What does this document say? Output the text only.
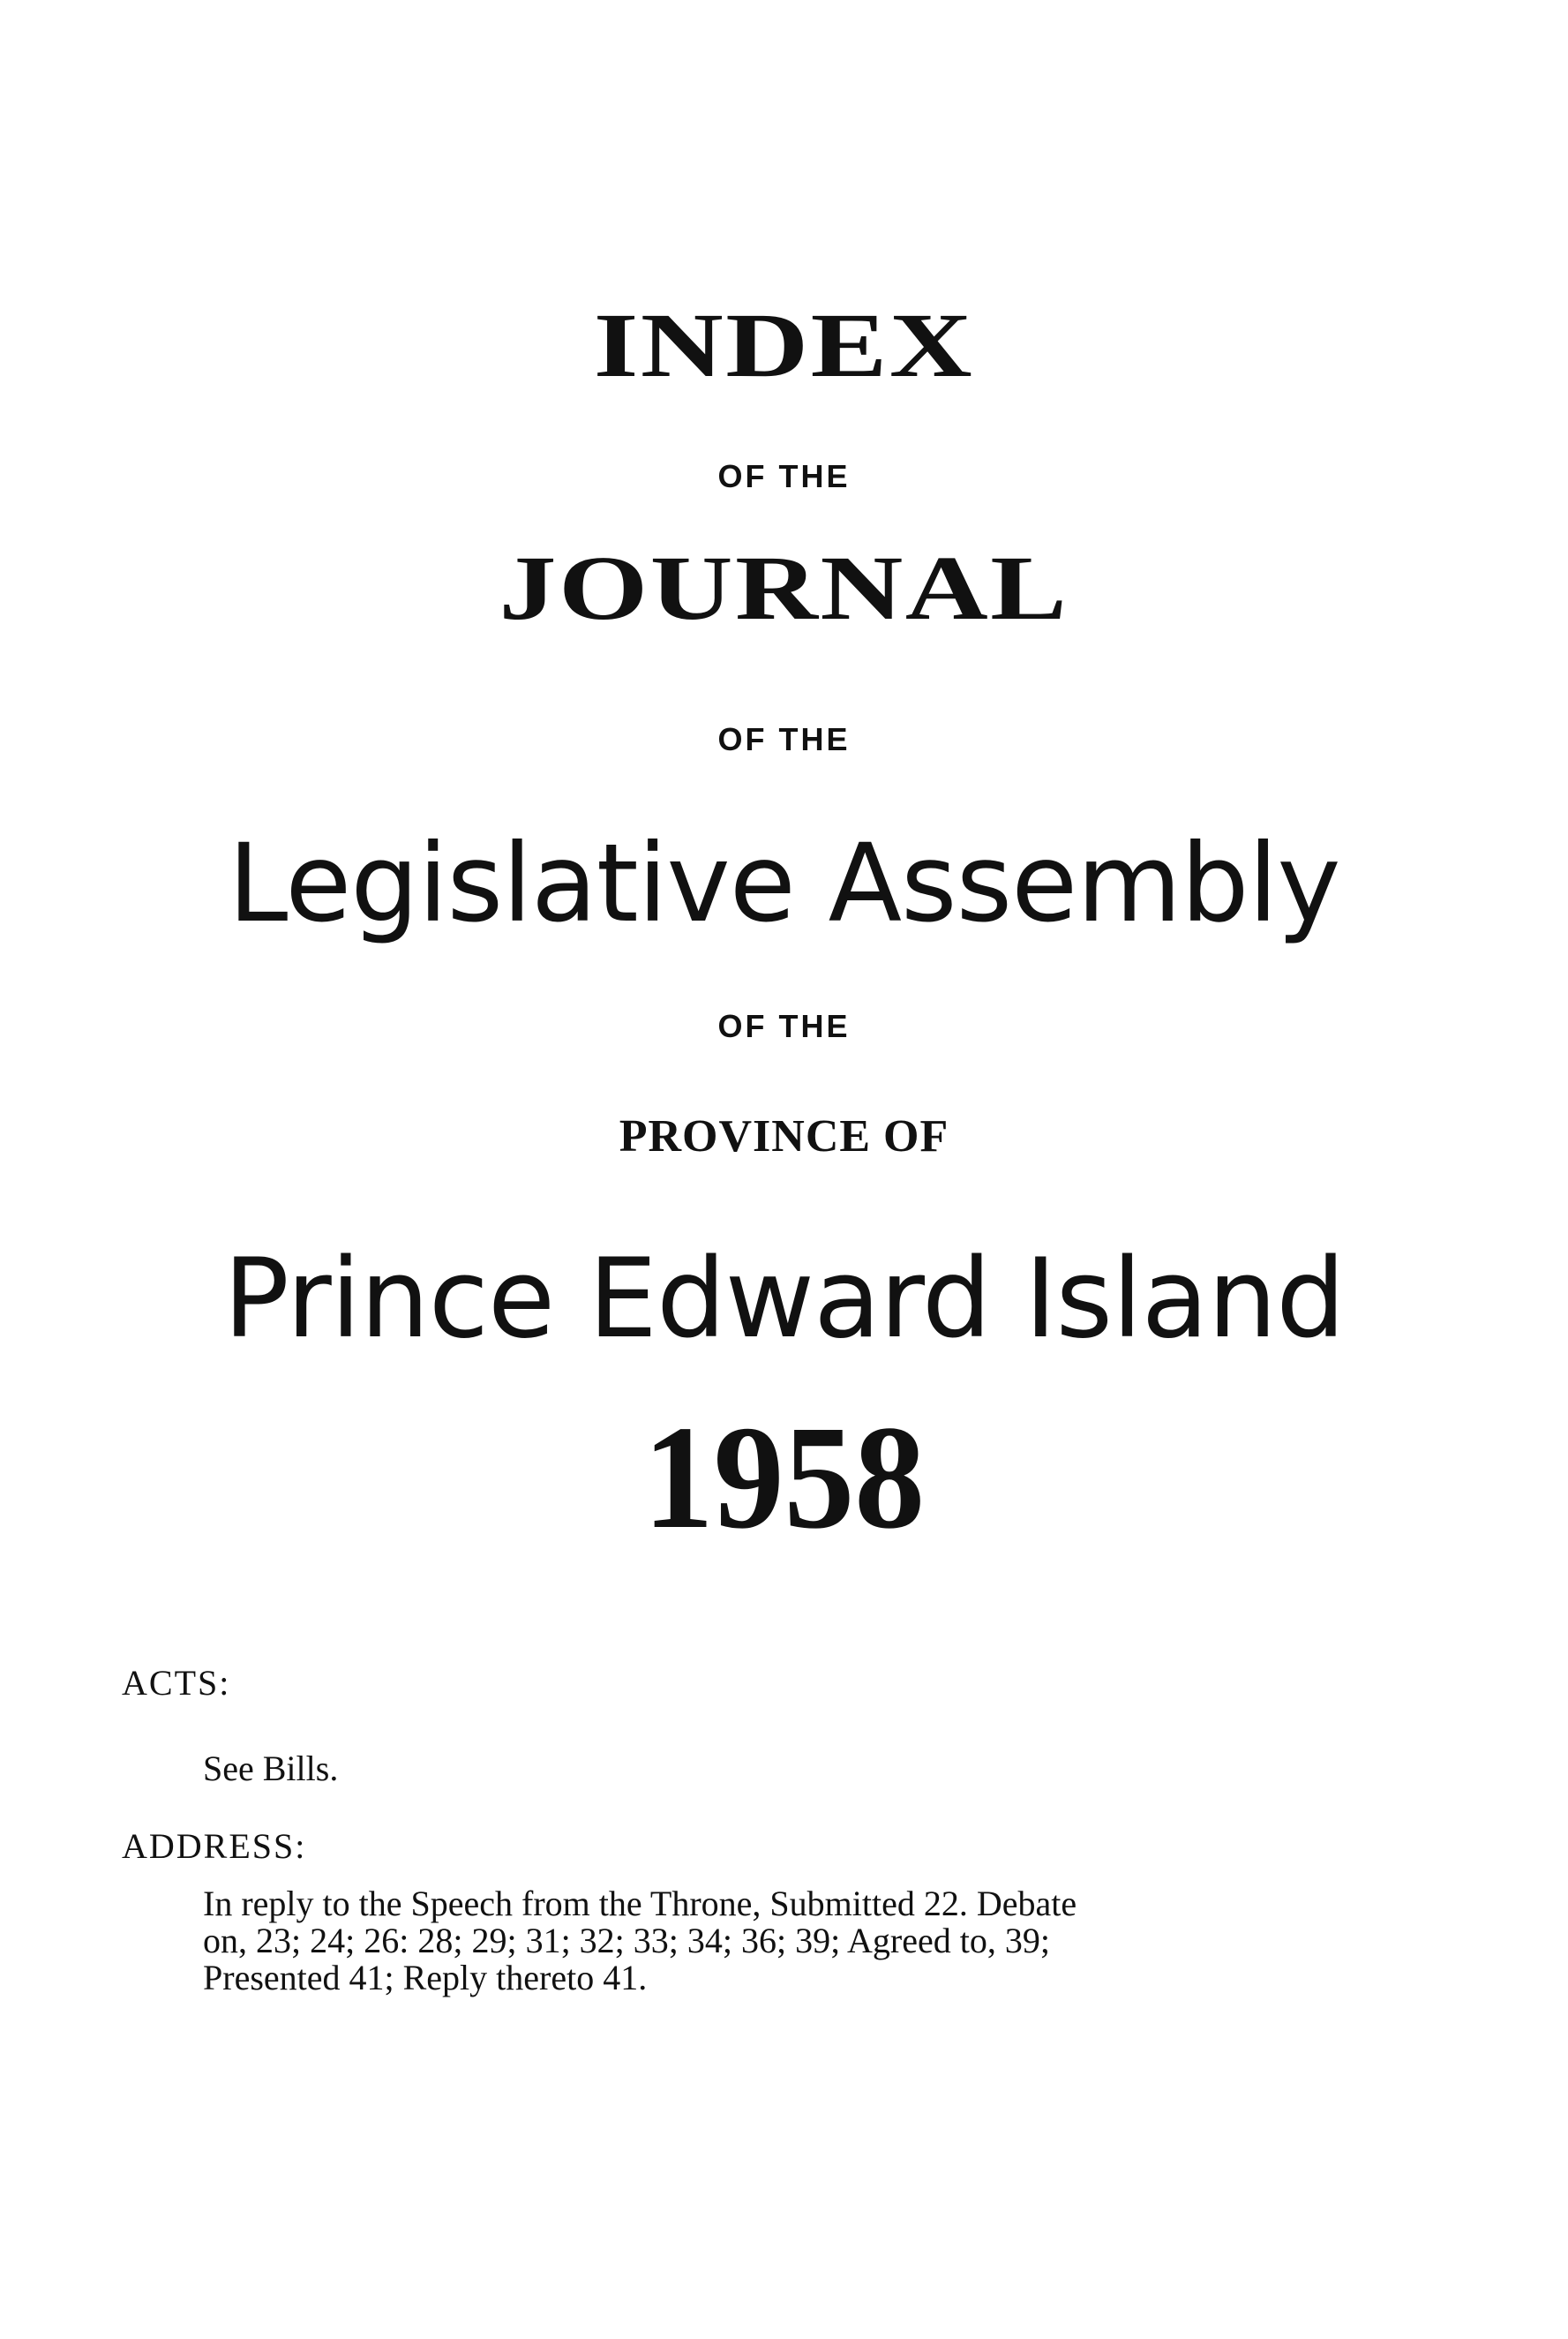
INDEX
OF THE
JOURNAL
OF THE
Legislative Assembly
OF THE
PROVINCE OF
Prince Edward Island
1958
ACTS:
See Bills.
ADDRESS:
In reply to the Speech from the Throne, Submitted 22. Debate
on, 23; 24; 26: 28; 29; 31; 32; 33; 34; 36; 39; Agreed to, 39;
Presented 41; Reply thereto 41.
